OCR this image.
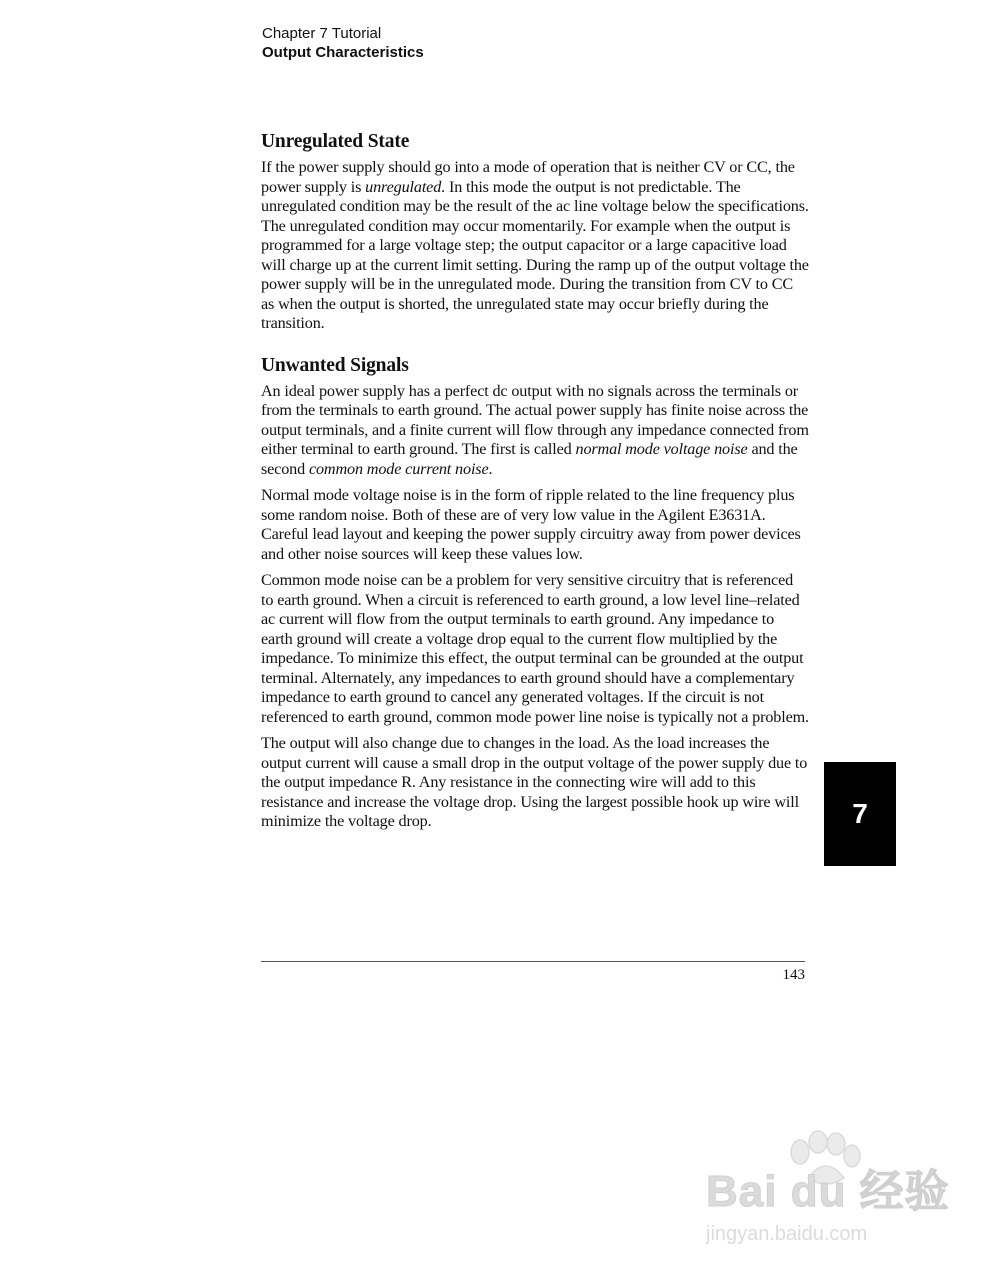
Chapter 7 Tutorial
Output Characteristics
Unregulated State

If the power supply should go into a mode of operation that is neither CV or CC, the power supply is unregulated. In this mode the output is not predictable. The unregulated condition may be the result of the ac line voltage below the specifications. The unregulated condition may occur momentarily. For example when the output is programmed for a large voltage step; the output capacitor or a large capacitive load will charge up at the current limit setting. During the ramp up of the output voltage the power supply will be in the unregulated mode. During the transition from CV to CC as when the output is shorted, the unregulated state may occur briefly during the transition.

Unwanted Signals

An ideal power supply has a perfect dc output with no signals across the terminals or from the terminals to earth ground. The actual power supply has finite noise across the output terminals, and a finite current will flow through any impedance connected from either terminal to earth ground. The first is called normal mode voltage noise and the second common mode current noise.

Normal mode voltage noise is in the form of ripple related to the line frequency plus some random noise. Both of these are of very low value in the Agilent E3631A. Careful lead layout and keeping the power supply circuitry away from power devices and other noise sources will keep these values low.

Common mode noise can be a problem for very sensitive circuitry that is referenced to earth ground. When a circuit is referenced to earth ground, a low level line–related ac current will flow from the output terminals to earth ground. Any impedance to earth ground will create a voltage drop equal to the current flow multiplied by the impedance. To minimize this effect, the output terminal can be grounded at the output terminal. Alternately, any impedances to earth ground should have a complementary impedance to earth ground to cancel any generated voltages. If the circuit is not referenced to earth ground, common mode power line noise is typically not a problem.

The output will also change due to changes in the load. As the load increases the output current will cause a small drop in the output voltage of the power supply due to the output impedance R. Any resistance in the connecting wire will add to this resistance and increase the voltage drop. Using the largest possible hook up wire will minimize the voltage drop.	7
143
Bai du 经验
jingyan.baidu.com
